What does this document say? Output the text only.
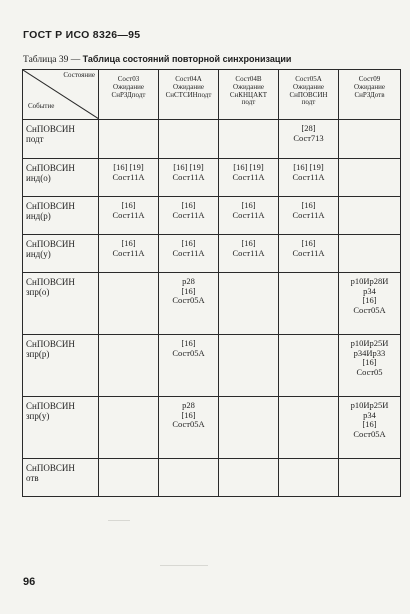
ГОСТ Р ИСО 8326—95
Таблица 39 — Таблица состояний повторной синхронизации
Состояние
Событие	Сост03
Ожидание
СнРЗДподт	Сост04А
Ожидание
СнСТСИНподт	Сост04В
Ожидание
СнКНЦАКТ
подт	Сост05А
Ожидание
СнПОВСИН
подт	Сост09
Ожидание
СнРЗДотв
СнПОВСИН
подт				[28]
Сост713	
СнПОВСИН
инд(о)	[16] [19]
Сост11А	[16] [19]
Сост11А	[16] [19]
Сост11А	[16] [19]
Сост11А	
СнПОВСИН
инд(р)	[16]
Сост11А	[16]
Сост11А	[16]
Сост11А	[16]
Сост11А	
СнПОВСИН
инд(у)	[16]
Сост11А	[16]
Сост11А	[16]
Сост11А	[16]
Сост11А	
СнПОВСИН
зпр(о)		р28
[16]
Сост05А			р10Ир28И
р34
[16]
Сост05А
СнПОВСИН
зпр(р)		[16]
Сост05А			р10Ир25И
р34Ир33
[16]
Сост05
СнПОВСИН
зпр(у)		р28
[16]
Сост05А			р10Ир25И
р34
[16]
Сост05А
СнПОВСИН
отв					
96
